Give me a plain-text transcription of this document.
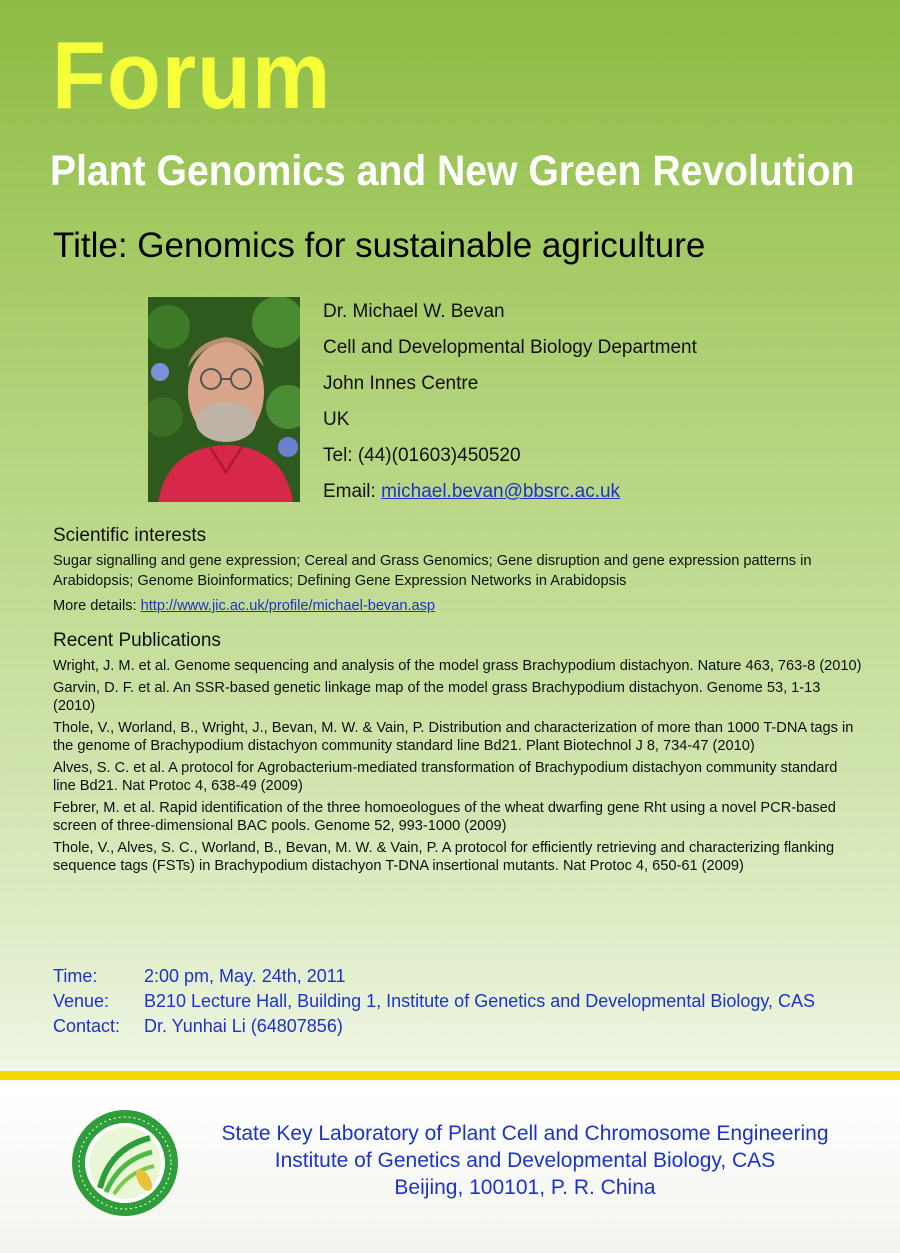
Forum
Plant Genomics and New Green Revolution
Title: Genomics for sustainable agriculture
Dr. Michael W. Bevan
Cell and Developmental Biology Department
John Innes Centre
UK
Tel: (44)(01603)450520
Email: michael.bevan@bbsrc.ac.uk
Scientific interests
Sugar signalling and gene expression; Cereal and Grass Genomics; Gene disruption and gene expression patterns in Arabidopsis; Genome Bioinformatics; Defining Gene Expression Networks in Arabidopsis
More details: http://www.jic.ac.uk/profile/michael-bevan.asp
Recent Publications
Wright, J. M. et al. Genome sequencing and analysis of the model grass Brachypodium distachyon. Nature 463, 763-8 (2010)
Garvin, D. F. et al. An SSR-based genetic linkage map of the model grass Brachypodium distachyon. Genome 53, 1-13 (2010)
Thole, V., Worland, B., Wright, J., Bevan, M. W. & Vain, P. Distribution and characterization of more than 1000 T-DNA tags in the genome of Brachypodium distachyon community standard line Bd21. Plant Biotechnol J 8, 734-47 (2010)
Alves, S. C. et al. A protocol for Agrobacterium-mediated transformation of Brachypodium distachyon community standard line Bd21. Nat Protoc 4, 638-49 (2009)
Febrer, M. et al. Rapid identification of the three homoeologues of the wheat dwarfing gene Rht using a novel PCR-based screen of three-dimensional BAC pools. Genome 52, 993-1000 (2009)
Thole, V., Alves, S. C., Worland, B., Bevan, M. W. & Vain, P. A protocol for efficiently retrieving and characterizing flanking sequence tags (FSTs) in Brachypodium distachyon T-DNA insertional mutants. Nat Protoc 4, 650-61 (2009)
Time:	2:00 pm, May. 24th, 2011
Venue: B210 Lecture Hall, Building 1, Institute of Genetics and Developmental Biology, CAS
Contact: Dr. Yunhai Li (64807856)
State Key Laboratory of Plant Cell and Chromosome Engineering
Institute of Genetics and Developmental Biology, CAS
Beijing, 100101, P. R. China
